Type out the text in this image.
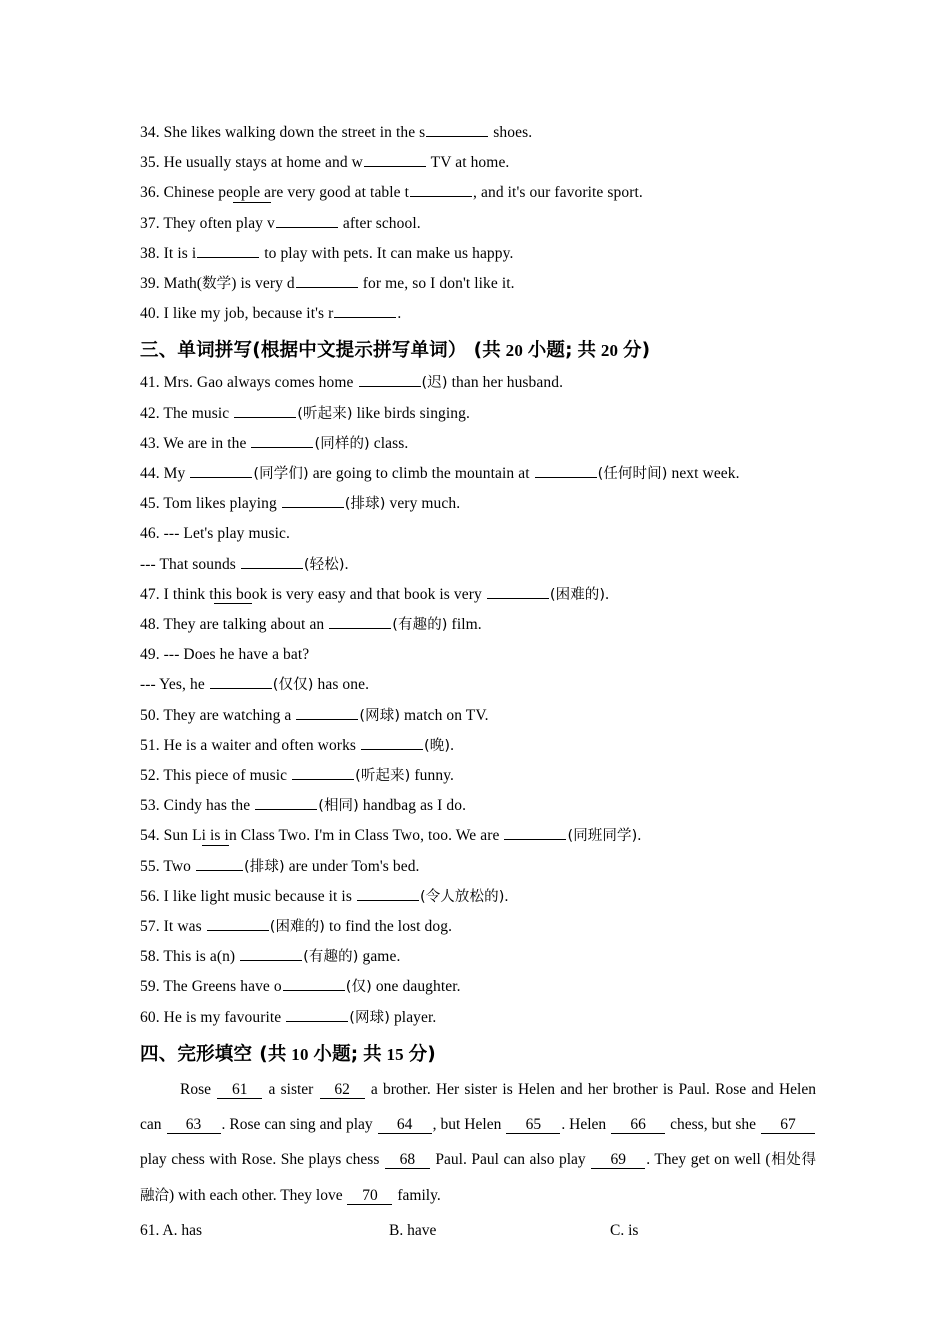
34. She likes walking down the street in the s	shoes.
35. He usually stays at home and w	TV at home.
36. Chinese people are very good at table t	, and it's our favorite sport.
37. They often play v	after school.
38. It is i	to play with pets. It can make us happy.
39. Math(数学) is very d	for me, so I don't like it.
40. I like my job, because it's r	.
三、单词拼写(根据中文提示拼写单词） (共 20 小题; 共 20 分)
41. Mrs. Gao always comes home	(迟) than her husband.
42. The music	(听起来) like birds singing.
43. We are in the	(同样的) class.
44. My	(同学们) are going to climb the mountain at	(任何时间) next week.
45. Tom likes playing	(排球) very much.
46. --- Let's play music.
--- That sounds	(轻松).
47. I think this book is very easy and that book is very	(困难的).
48. They are talking about an	(有趣的) film.
49. --- Does he have a bat?
--- Yes, he	(仅仅) has one.
50. They are watching a	(网球) match on TV.
51. He is a waiter and often works	(晚).
52. This piece of music	(听起来) funny.
53. Cindy has the	(相同) handbag as I do.
54. Sun Li is in Class Two. I'm in Class Two, too. We are	(同班同学).
55. Two	(排球) are under Tom's bed.
56. I like light music because it is	(令人放松的).
57. It was	(困难的) to find the lost dog.
58. This is a(n)	(有趣的) game.
59. The Greens have o	(仅) one daughter.
60. He is my favourite	(网球) player.
四、完形填空 (共 10 小题; 共 15 分)
Rose 61 a sister 62 a brother. Her sister is Helen and her brother is Paul. Rose and Helen can 63 . Rose can sing and play 64 , but Helen 65 . Helen 66 chess, but she 67 play chess with Rose. She plays chess 68 Paul. Paul can also play 69 . They get on well (相处得融洽) with each other. They love 70 family.
61. A. has	B. have	C. is
